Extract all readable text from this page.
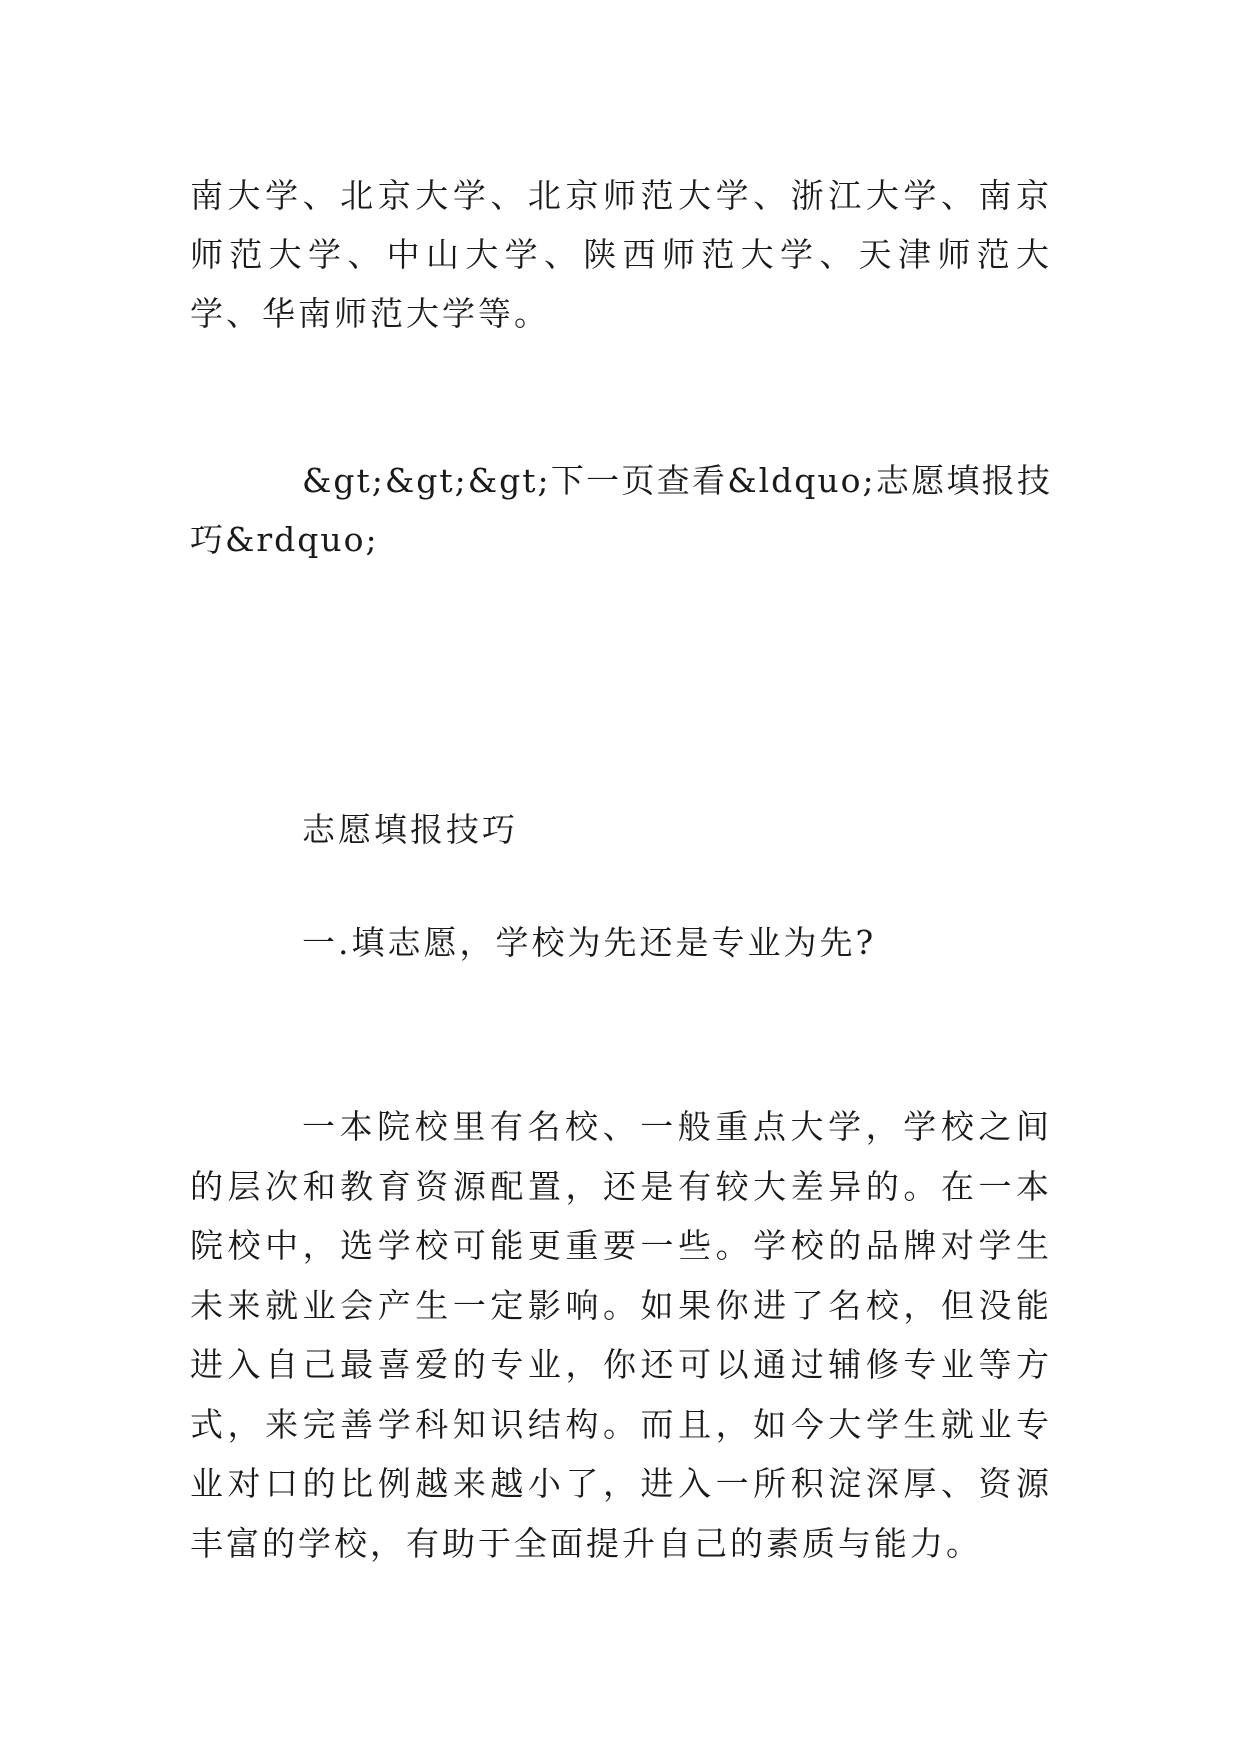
南大学、北京大学、北京师范大学、浙江大学、南京师范大学、中山大学、陕西师范大学、天津师范大学、华南师范大学等。

&gt;&gt;&gt;下一页查看&ldquo;志愿填报技巧&rdquo;

志愿填报技巧

一.填志愿，学校为先还是专业为先?

一本院校里有名校、一般重点大学，学校之间的层次和教育资源配置，还是有较大差异的。在一本院校中，选学校可能更重要一些。学校的品牌对学生未来就业会产生一定影响。如果你进了名校，但没能进入自己最喜爱的专业，你还可以通过辅修专业等方式，来完善学科知识结构。而且，如今大学生就业专业对口的比例越来越小了，进入一所积淀深厚、资源丰富的学校，有助于全面提升自己的素质与能力。
